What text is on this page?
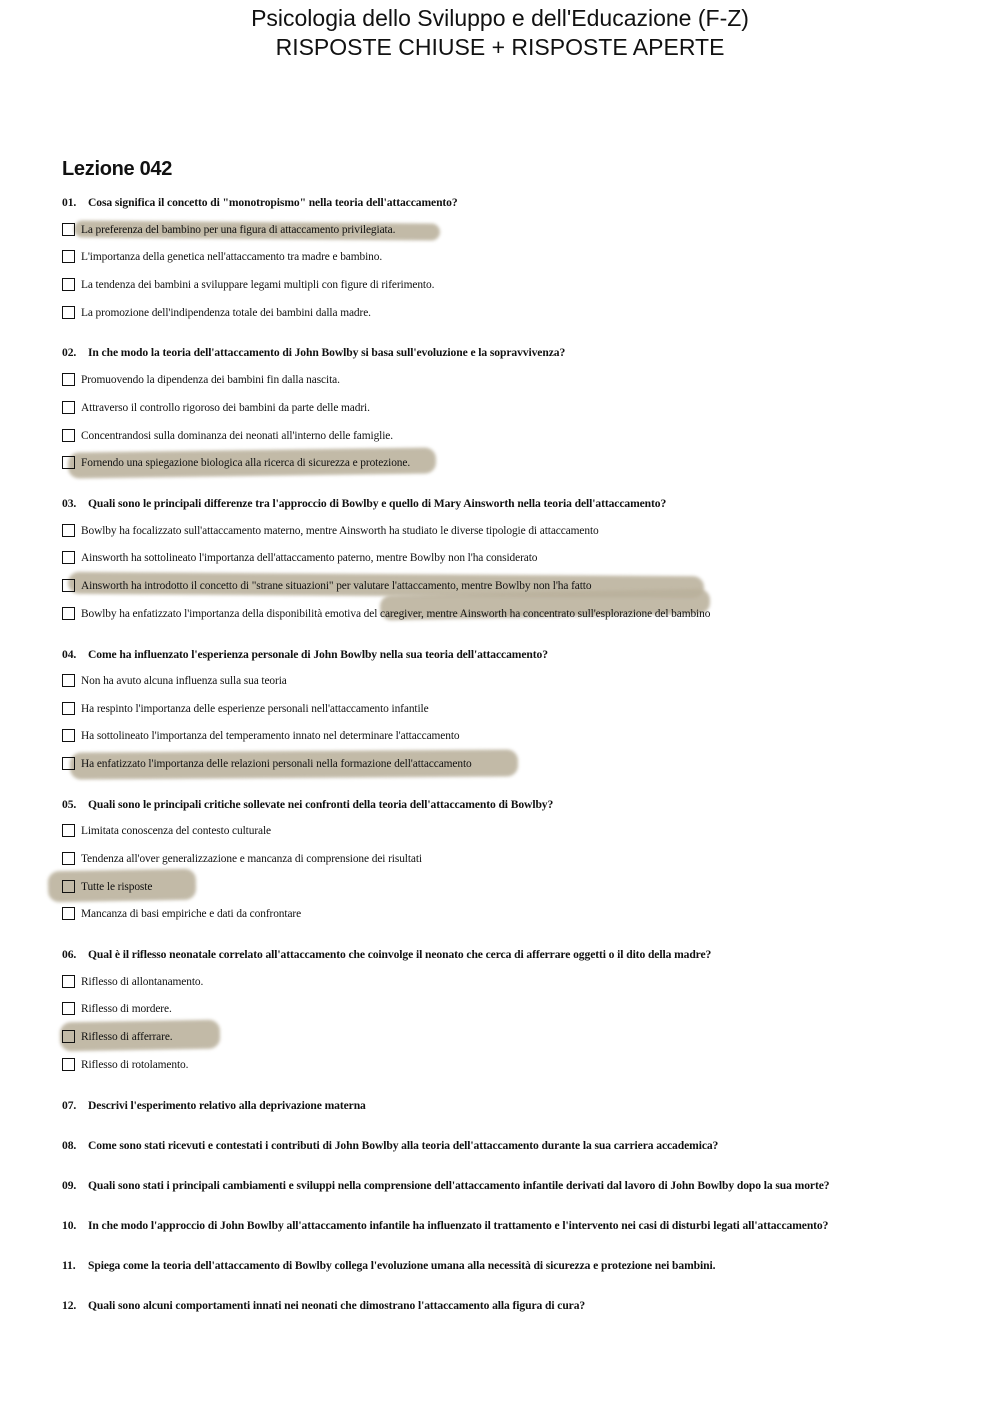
Psicologia dello Sviluppo e dell'Educazione (F-Z)
RISPOSTE CHIUSE + RISPOSTE APERTE
Lezione 042
01. Cosa significa il concetto di "monotropismo" nella teoria dell'attaccamento?
La preferenza del bambino per una figura di attaccamento privilegiata.
L'importanza della genetica nell'attaccamento tra madre e bambino.
La tendenza dei bambini a sviluppare legami multipli con figure di riferimento.
La promozione dell'indipendenza totale dei bambini dalla madre.
02. In che modo la teoria dell'attaccamento di John Bowlby si basa sull'evoluzione e la sopravvivenza?
Promuovendo la dipendenza dei bambini fin dalla nascita.
Attraverso il controllo rigoroso dei bambini da parte delle madri.
Concentrandosi sulla dominanza dei neonati all'interno delle famiglie.
Fornendo una spiegazione biologica alla ricerca di sicurezza e protezione.
03. Quali sono le principali differenze tra l'approccio di Bowlby e quello di Mary Ainsworth nella teoria dell'attaccamento?
Bowlby ha focalizzato sull'attaccamento materno, mentre Ainsworth ha studiato le diverse tipologie di attaccamento
Ainsworth ha sottolineato l'importanza dell'attaccamento paterno, mentre Bowlby non l'ha considerato
Ainsworth ha introdotto il concetto di "strane situazioni" per valutare l'attaccamento, mentre Bowlby non l'ha fatto
Bowlby ha enfatizzato l'importanza della disponibilità emotiva del caregiver, mentre Ainsworth ha concentrato sull'esplorazione del bambino
04. Come ha influenzato l'esperienza personale di John Bowlby nella sua teoria dell'attaccamento?
Non ha avuto alcuna influenza sulla sua teoria
Ha respinto l'importanza delle esperienze personali nell'attaccamento infantile
Ha sottolineato l'importanza del temperamento innato nel determinare l'attaccamento
Ha enfatizzato l'importanza delle relazioni personali nella formazione dell'attaccamento
05. Quali sono le principali critiche sollevate nei confronti della teoria dell'attaccamento di Bowlby?
Limitata conoscenza del contesto culturale
Tendenza all'over generalizzazione e mancanza di comprensione dei risultati
Tutte le risposte
Mancanza di basi empiriche e dati da confrontare
06. Qual è il riflesso neonatale correlato all'attaccamento che coinvolge il neonato che cerca di afferrare oggetti o il dito della madre?
Riflesso di allontanamento.
Riflesso di mordere.
Riflesso di afferrare.
Riflesso di rotolamento.
07. Descrivi l'esperimento relativo alla deprivazione materna
08. Come sono stati ricevuti e contestati i contributi di John Bowlby alla teoria dell'attaccamento durante la sua carriera accademica?
09. Quali sono stati i principali cambiamenti e sviluppi nella comprensione dell'attaccamento infantile derivati dal lavoro di John Bowlby dopo la sua morte?
10. In che modo l'approccio di John Bowlby all'attaccamento infantile ha influenzato il trattamento e l'intervento nei casi di disturbi legati all'attaccamento?
11. Spiega come la teoria dell'attaccamento di Bowlby collega l'evoluzione umana alla necessità di sicurezza e protezione nei bambini.
12. Quali sono alcuni comportamenti innati nei neonati che dimostrano l'attaccamento alla figura di cura?
